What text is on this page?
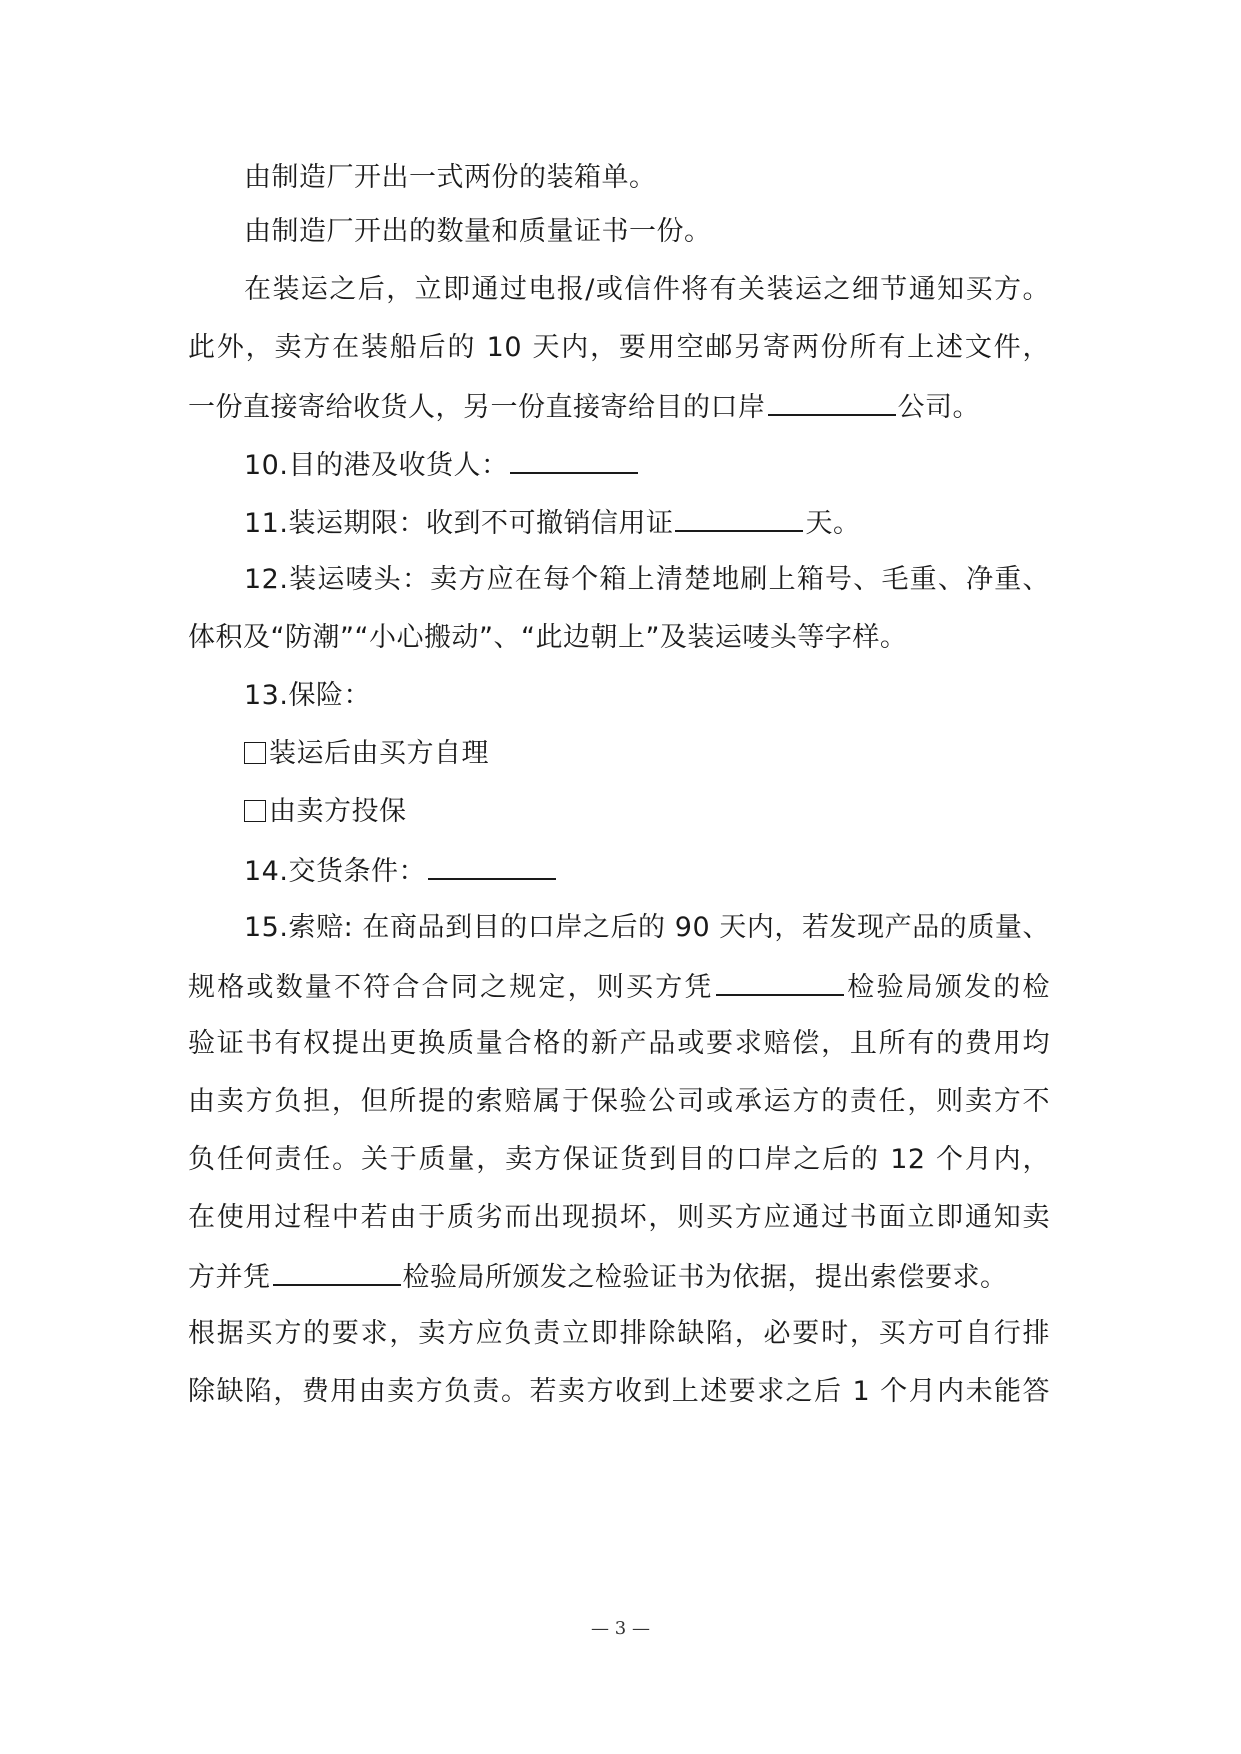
由制造厂开出一式两份的装箱单。
由制造厂开出的数量和质量证书一份。
在装运之后，立即通过电报/或信件将有关装运之细节通知买方。
此外，卖方在装船后的 10 天内，要用空邮另寄两份所有上述文件，
一份直接寄给收货人，另一份直接寄给目的口岸	公司。
10.目的港及收货人：
11.装运期限：收到不可撤销信用证	天。
12.装运唛头：卖方应在每个箱上清楚地刷上箱号、毛重、净重、
体积及“防潮”“小心搬动”、“此边朝上”及装运唛头等字样。
13.保险：
装运后由买方自理
由卖方投保
14.交货条件：
15.索赔: 在商品到目的口岸之后的 90 天内，若发现产品的质量、
规格或数量不符合合同之规定，则买方凭	检验局颁发的检
验证书有权提出更换质量合格的新产品或要求赔偿，且所有的费用均
由卖方负担，但所提的索赔属于保验公司或承运方的责任，则卖方不
负任何责任。关于质量，卖方保证货到目的口岸之后的 12 个月内，
在使用过程中若由于质劣而出现损坏，则买方应通过书面立即通知卖
方并凭	检验局所颁发之检验证书为依据，提出索偿要求。
根据买方的要求，卖方应负责立即排除缺陷，必要时，买方可自行排
除缺陷，费用由卖方负责。若卖方收到上述要求之后 1 个月内未能答
— 3 —
